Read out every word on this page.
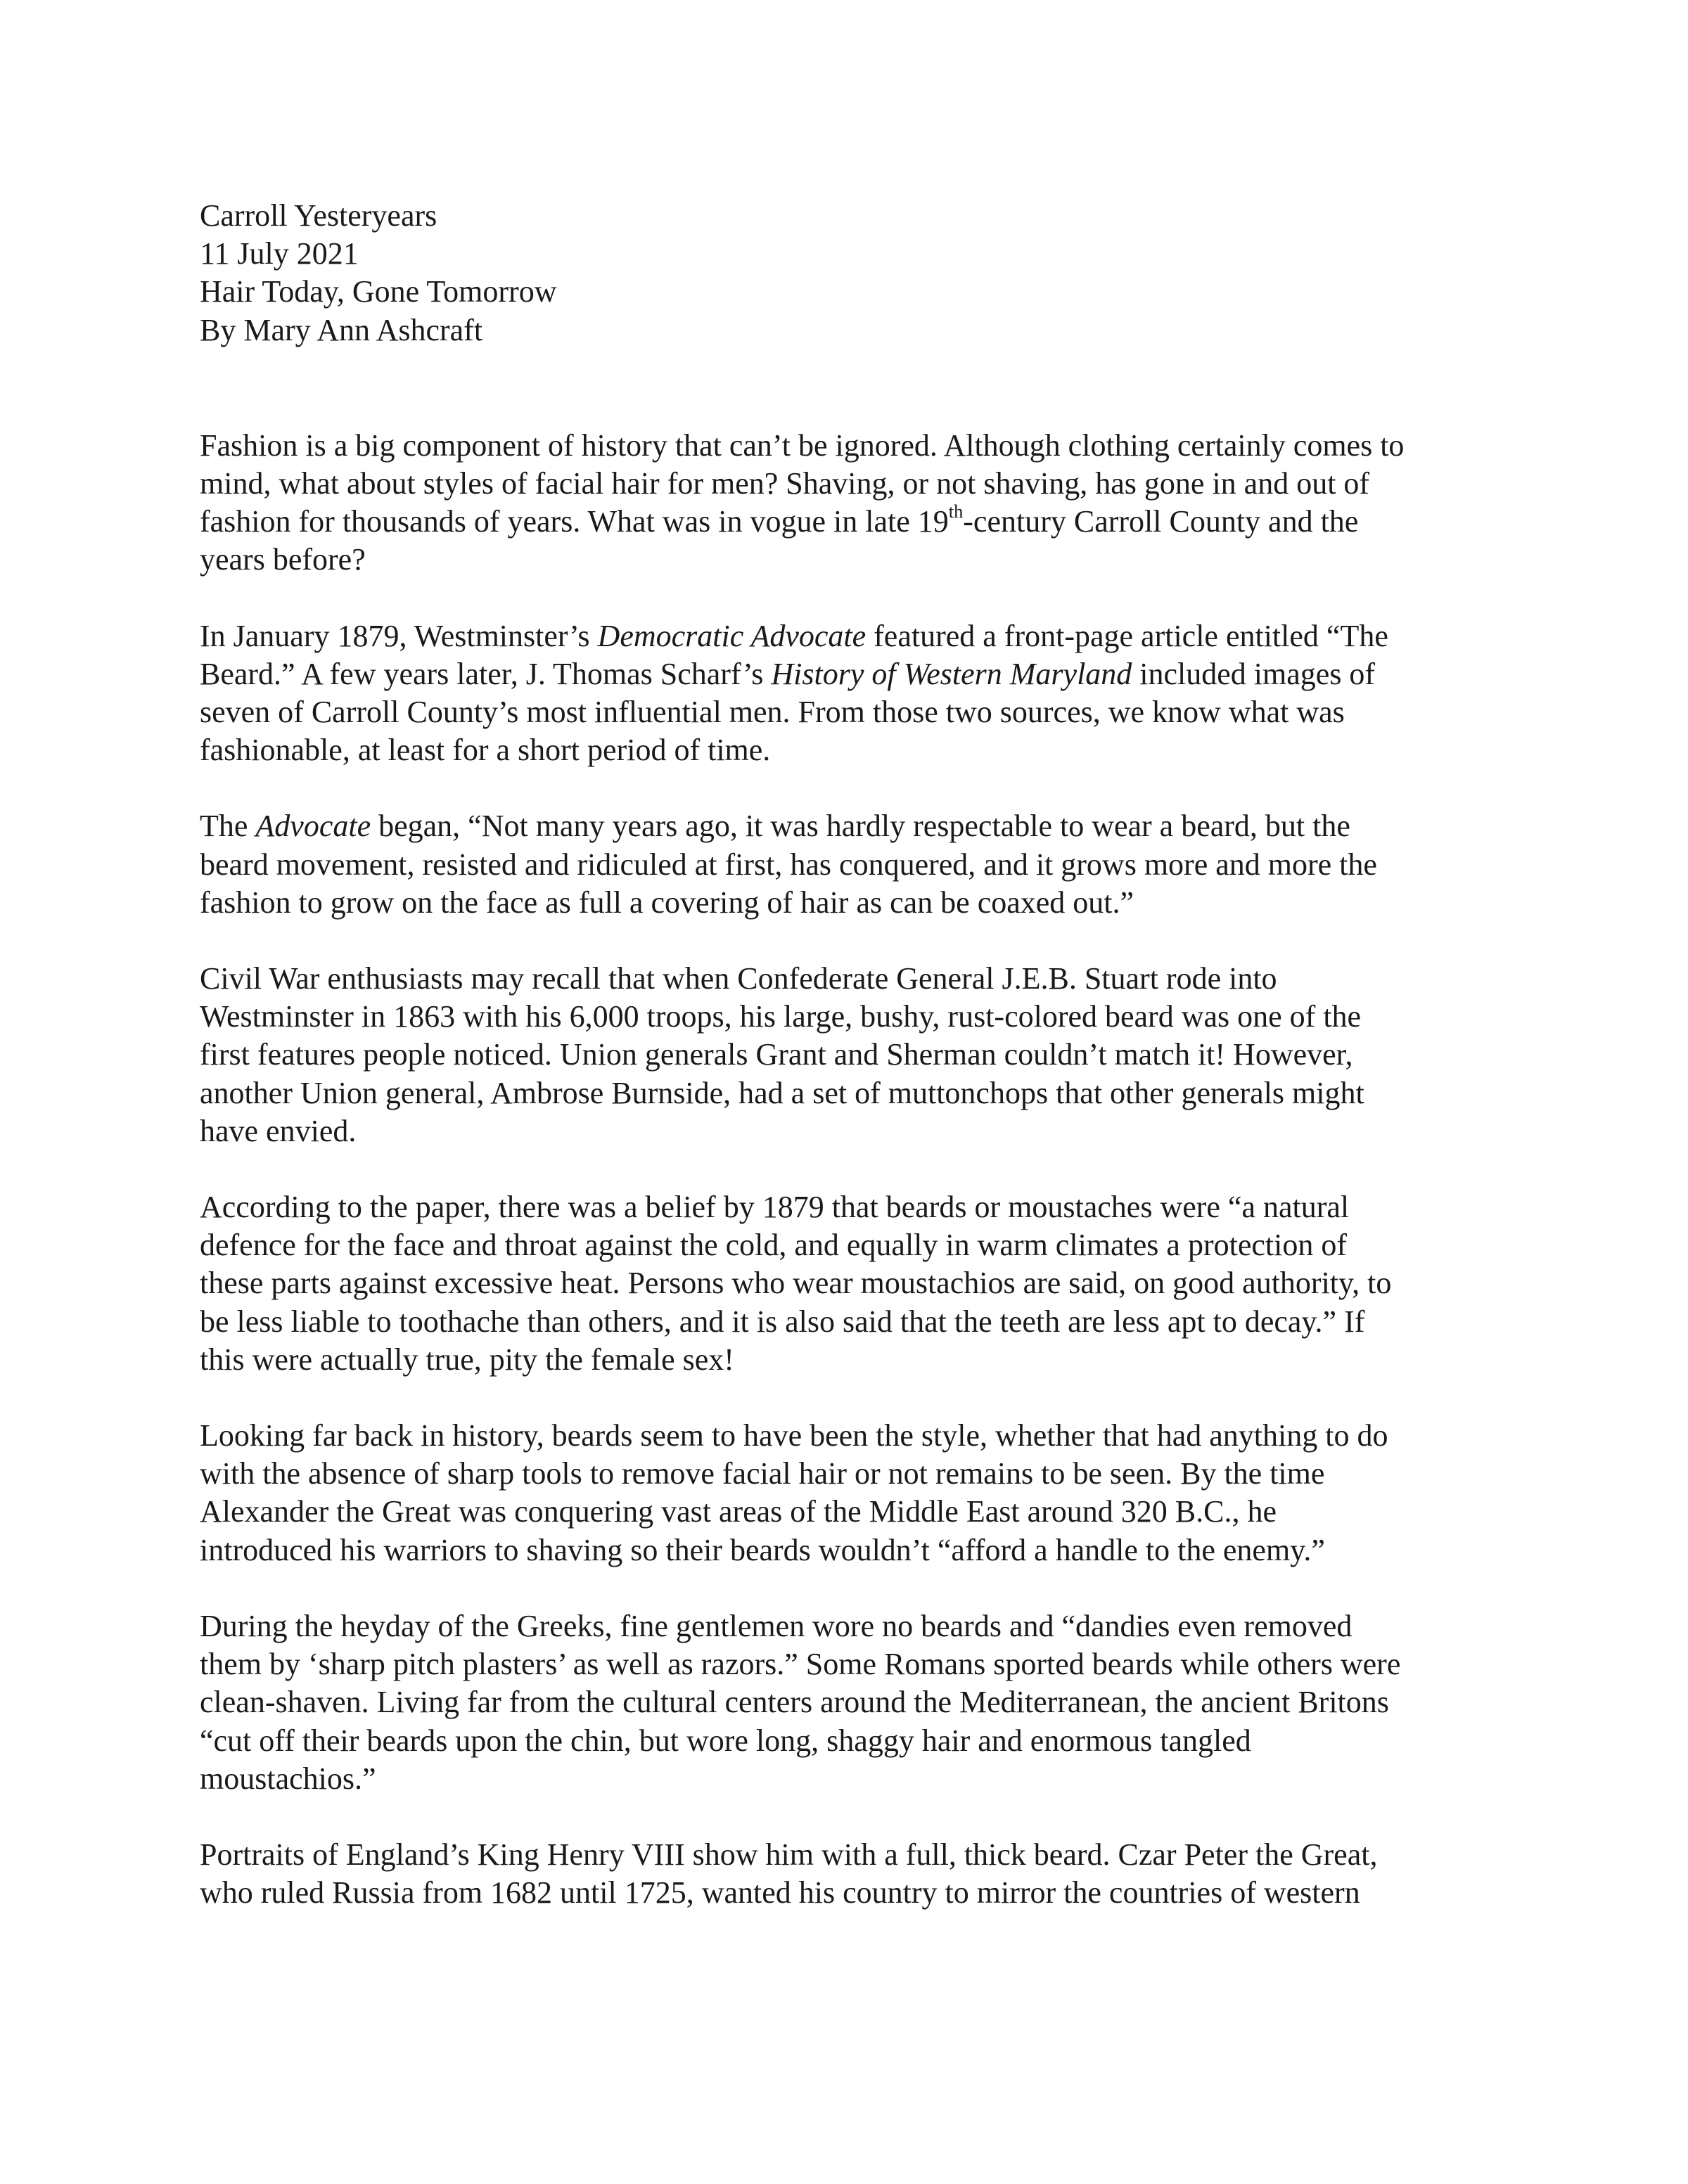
Carroll Yesteryears
11 July 2021
Hair Today, Gone Tomorrow
By Mary Ann Ashcraft

Fashion is a big component of history that can’t be ignored. Although clothing certainly comes to
mind, what about styles of facial hair for men? Shaving, or not shaving, has gone in and out of
fashion for thousands of years. What was in vogue in late 19th-century Carroll County and the
years before?

In January 1879, Westminster’s Democratic Advocate featured a front-page article entitled “The
Beard.” A few years later, J. Thomas Scharf’s History of Western Maryland included images of
seven of Carroll County’s most influential men. From those two sources, we know what was
fashionable, at least for a short period of time.

The Advocate began, “Not many years ago, it was hardly respectable to wear a beard, but the
beard movement, resisted and ridiculed at first, has conquered, and it grows more and more the
fashion to grow on the face as full a covering of hair as can be coaxed out.”

Civil War enthusiasts may recall that when Confederate General J.E.B. Stuart rode into
Westminster in 1863 with his 6,000 troops, his large, bushy, rust-colored beard was one of the
first features people noticed. Union generals Grant and Sherman couldn’t match it! However,
another Union general, Ambrose Burnside, had a set of muttonchops that other generals might
have envied.

According to the paper, there was a belief by 1879 that beards or moustaches were “a natural
defence for the face and throat against the cold, and equally in warm climates a protection of
these parts against excessive heat. Persons who wear moustachios are said, on good authority, to
be less liable to toothache than others, and it is also said that the teeth are less apt to decay.” If
this were actually true, pity the female sex!

Looking far back in history, beards seem to have been the style, whether that had anything to do
with the absence of sharp tools to remove facial hair or not remains to be seen. By the time
Alexander the Great was conquering vast areas of the Middle East around 320 B.C., he
introduced his warriors to shaving so their beards wouldn’t “afford a handle to the enemy.”

During the heyday of the Greeks, fine gentlemen wore no beards and “dandies even removed
them by ‘sharp pitch plasters’ as well as razors.” Some Romans sported beards while others were
clean-shaven. Living far from the cultural centers around the Mediterranean, the ancient Britons
“cut off their beards upon the chin, but wore long, shaggy hair and enormous tangled
moustachios.”

Portraits of England’s King Henry VIII show him with a full, thick beard. Czar Peter the Great,
who ruled Russia from 1682 until 1725, wanted his country to mirror the countries of western
